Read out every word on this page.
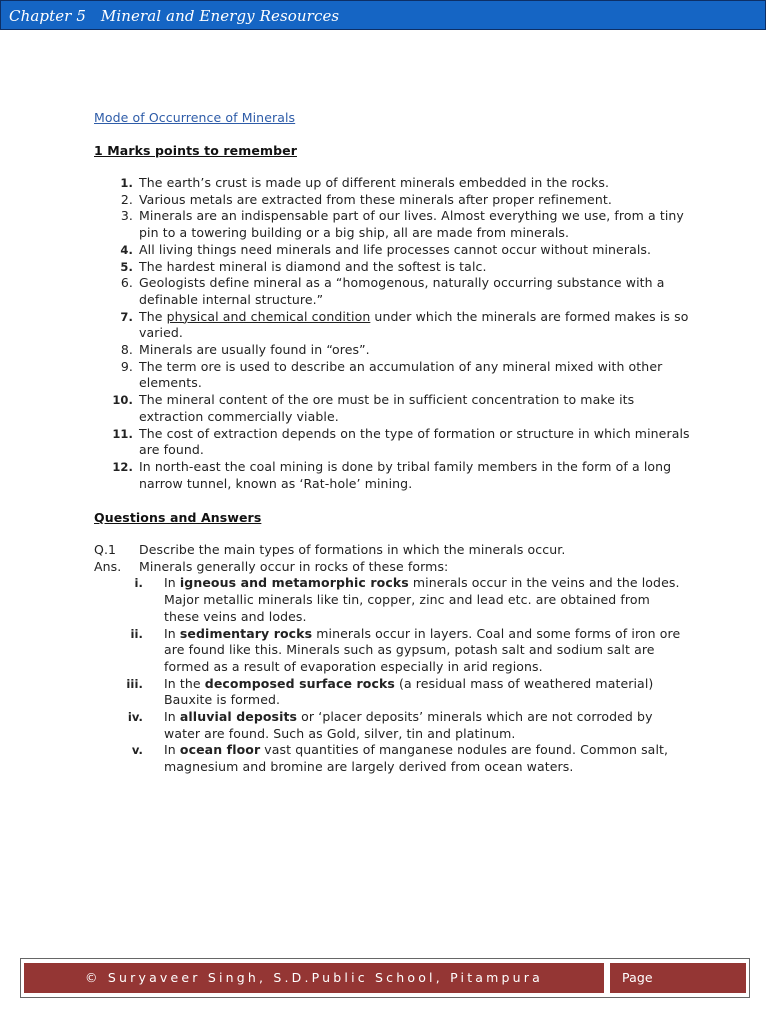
Chapter 5 Mineral and Energy Resources
Mode of Occurrence of Minerals
1 Marks points to remember
1. The earth’s crust is made up of different minerals embedded in the rocks.
2. Various metals are extracted from these minerals after proper refinement.
3. Minerals are an indispensable part of our lives. Almost everything we use, from a tiny pin to a towering building or a big ship, all are made from minerals.
4. All living things need minerals and life processes cannot occur without minerals.
5. The hardest mineral is diamond and the softest is talc.
6. Geologists define mineral as a “homogenous, naturally occurring substance with a definable internal structure.”
7. The physical and chemical condition under which the minerals are formed makes is so varied.
8. Minerals are usually found in “ores”.
9. The term ore is used to describe an accumulation of any mineral mixed with other elements.
10. The mineral content of the ore must be in sufficient concentration to make its extraction commercially viable.
11. The cost of extraction depends on the type of formation or structure in which minerals are found.
12. In north-east the coal mining is done by tribal family members in the form of a long narrow tunnel, known as ‘Rat-hole’ mining.
Questions and Answers
Q.1	Describe the main types of formations in which the minerals occur.
Ans.	Minerals generally occur in rocks of these forms:
i.	In igneous and metamorphic rocks minerals occur in the veins and the lodes. Major metallic minerals like tin, copper, zinc and lead etc. are obtained from these veins and lodes.
ii.	In sedimentary rocks minerals occur in layers. Coal and some forms of iron ore are found like this. Minerals such as gypsum, potash salt and sodium salt are formed as a result of evaporation especially in arid regions.
iii.	In the decomposed surface rocks (a residual mass of weathered material) Bauxite is formed.
iv.	In alluvial deposits or ‘placer deposits’ minerals which are not corroded by water are found. Such as Gold, silver, tin and platinum.
v.	In ocean floor vast quantities of manganese nodules are found. Common salt, magnesium and bromine are largely derived from ocean waters.
© Suryaveer Singh, S.D.Public School, Pitampura	Page
